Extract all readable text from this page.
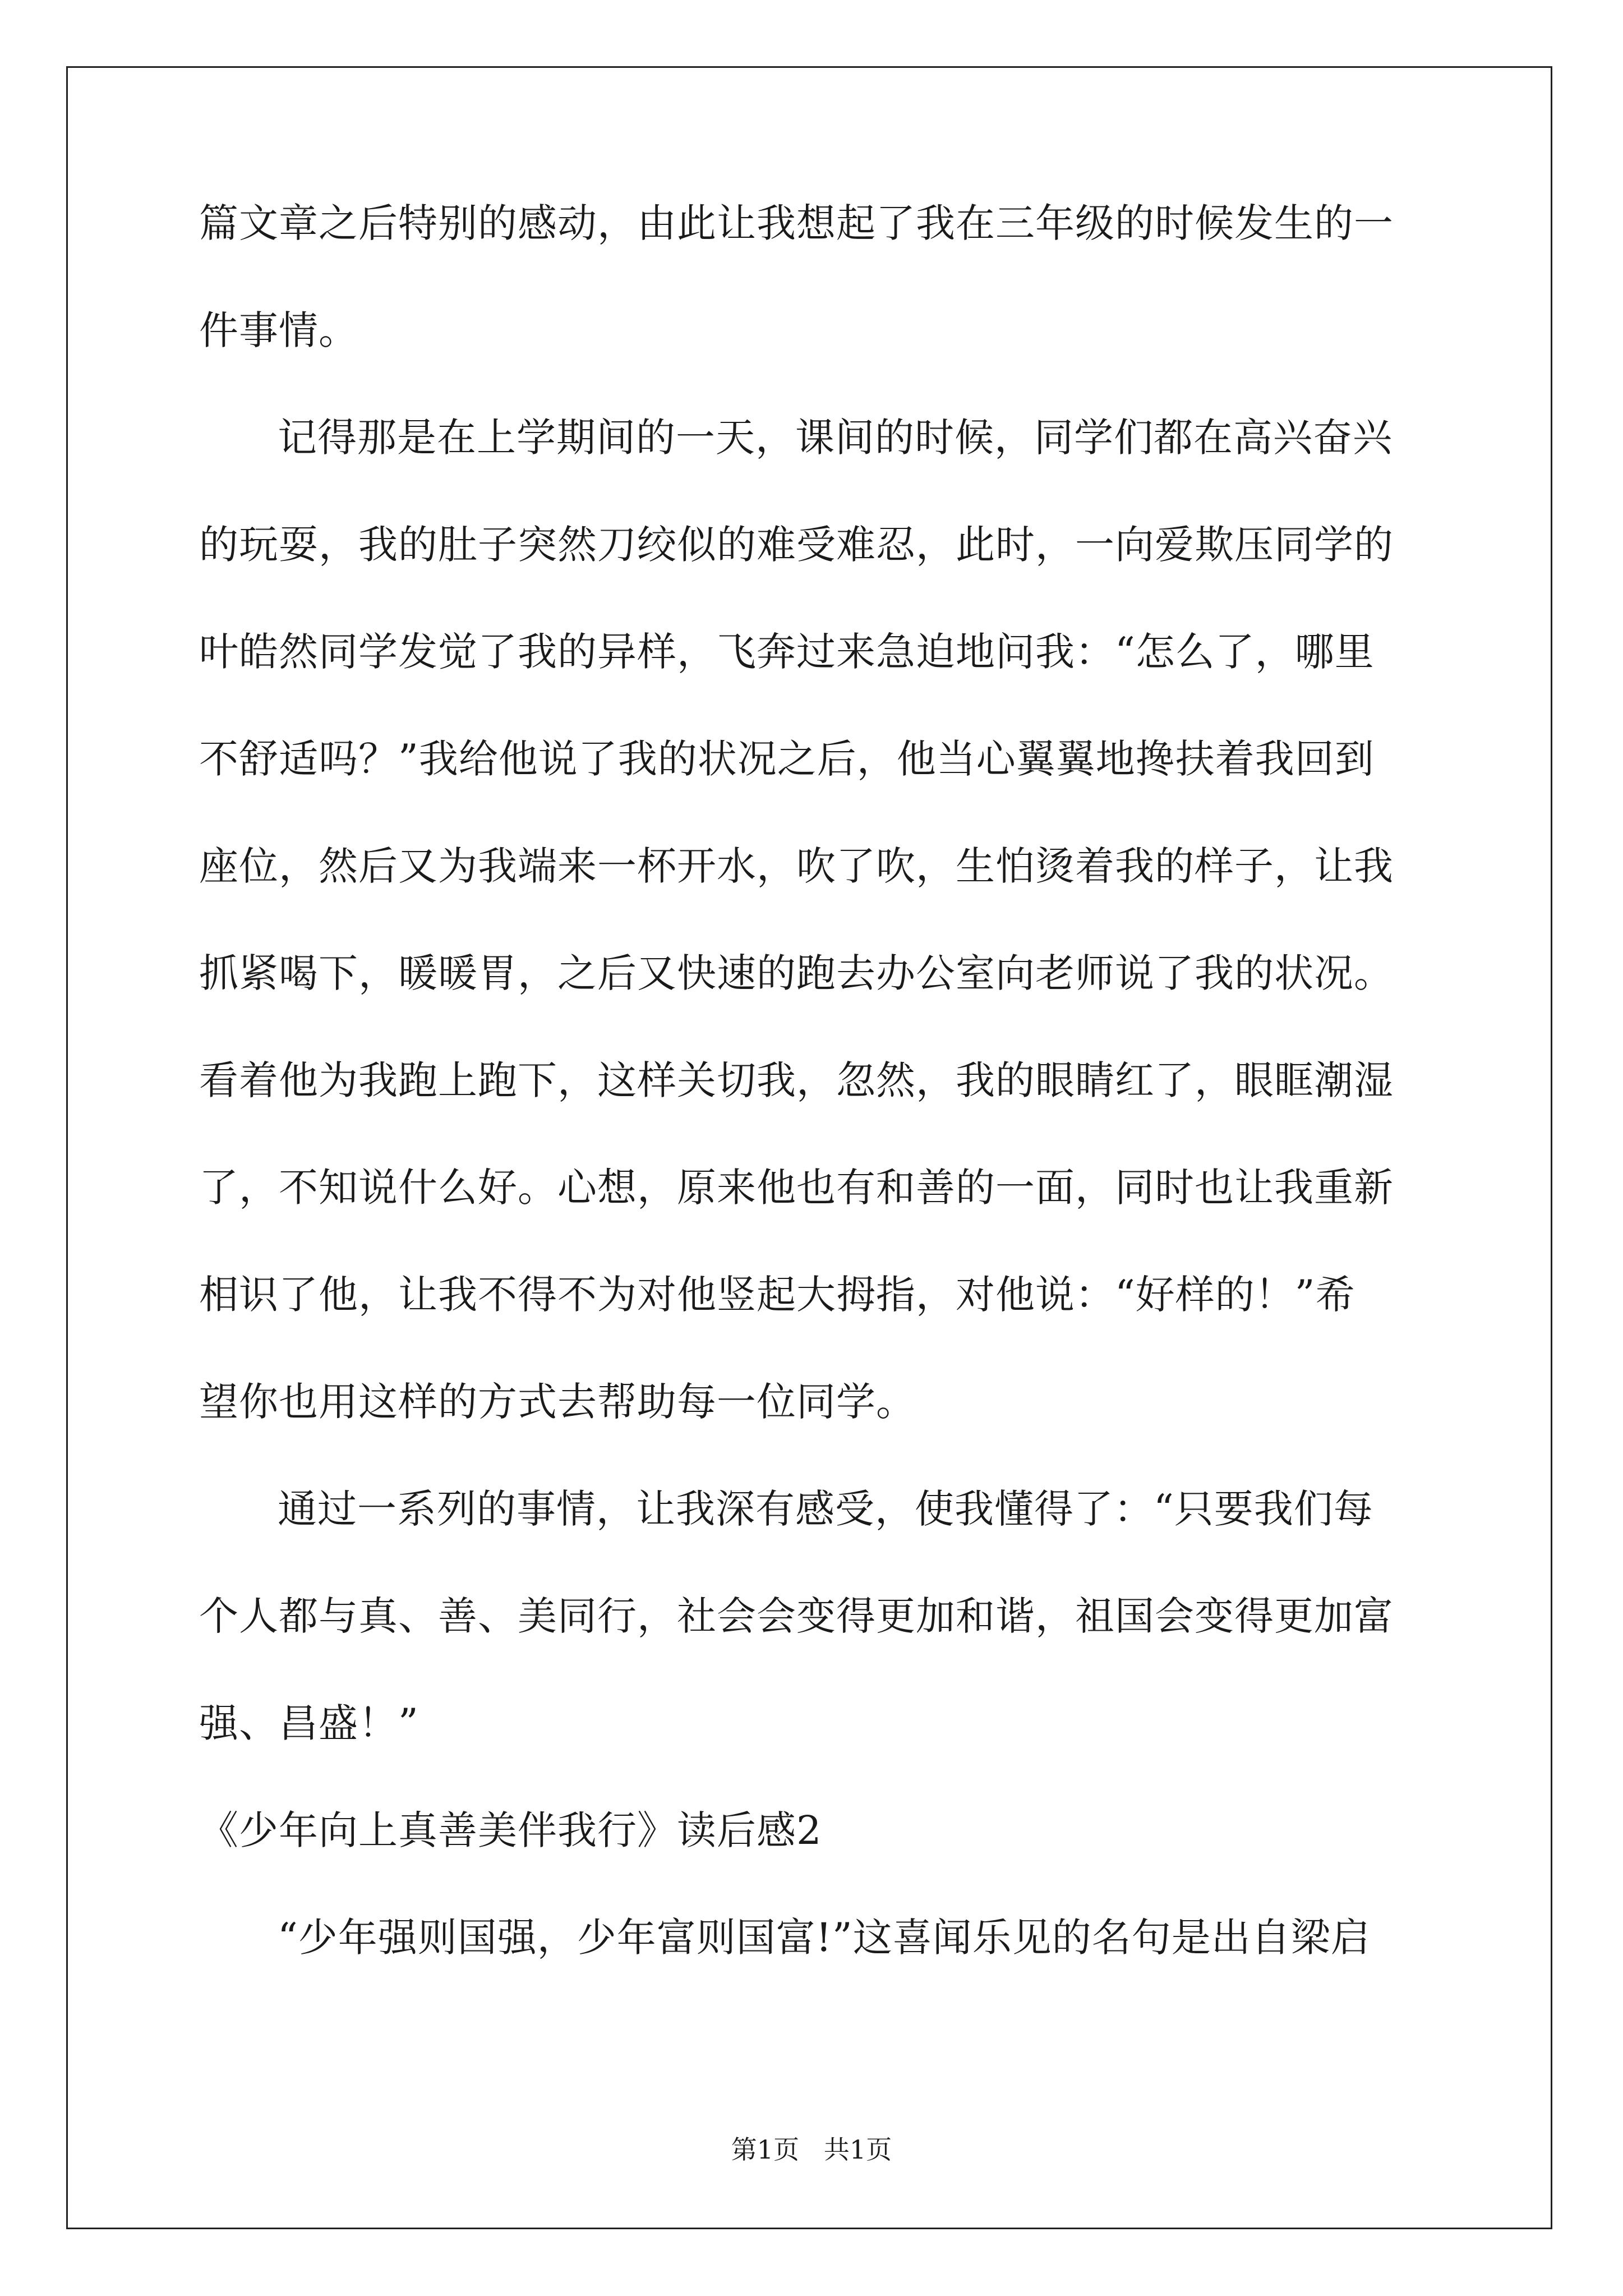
篇文章之后特别的感动，由此让我想起了我在三年级的时候发生的一
件事情。
记得那是在上学期间的一天，课间的时候，同学们都在高兴奋兴
的玩耍，我的肚子突然刀绞似的难受难忍，此时，一向爱欺压同学的
叶皓然同学发觉了我的异样，飞奔过来急迫地问我：“怎么了，哪里
不舒适吗？”我给他说了我的状况之后，他当心翼翼地搀扶着我回到
座位，然后又为我端来一杯开水，吹了吹，生怕烫着我的样子，让我
抓紧喝下，暖暖胃，之后又快速的跑去办公室向老师说了我的状况。
看着他为我跑上跑下，这样关切我，忽然，我的眼睛红了，眼眶潮湿
了，不知说什么好。心想，原来他也有和善的一面，同时也让我重新
相识了他，让我不得不为对他竖起大拇指，对他说：“好样的！”希
望你也用这样的方式去帮助每一位同学。
通过一系列的事情，让我深有感受，使我懂得了：“只要我们每
个人都与真、善、美同行，社会会变得更加和谐，祖国会变得更加富
强、昌盛！”
《少年向上真善美伴我行》读后感2
“少年强则国强，少年富则国富!”这喜闻乐见的名句是出自梁启
第1页   共1页
